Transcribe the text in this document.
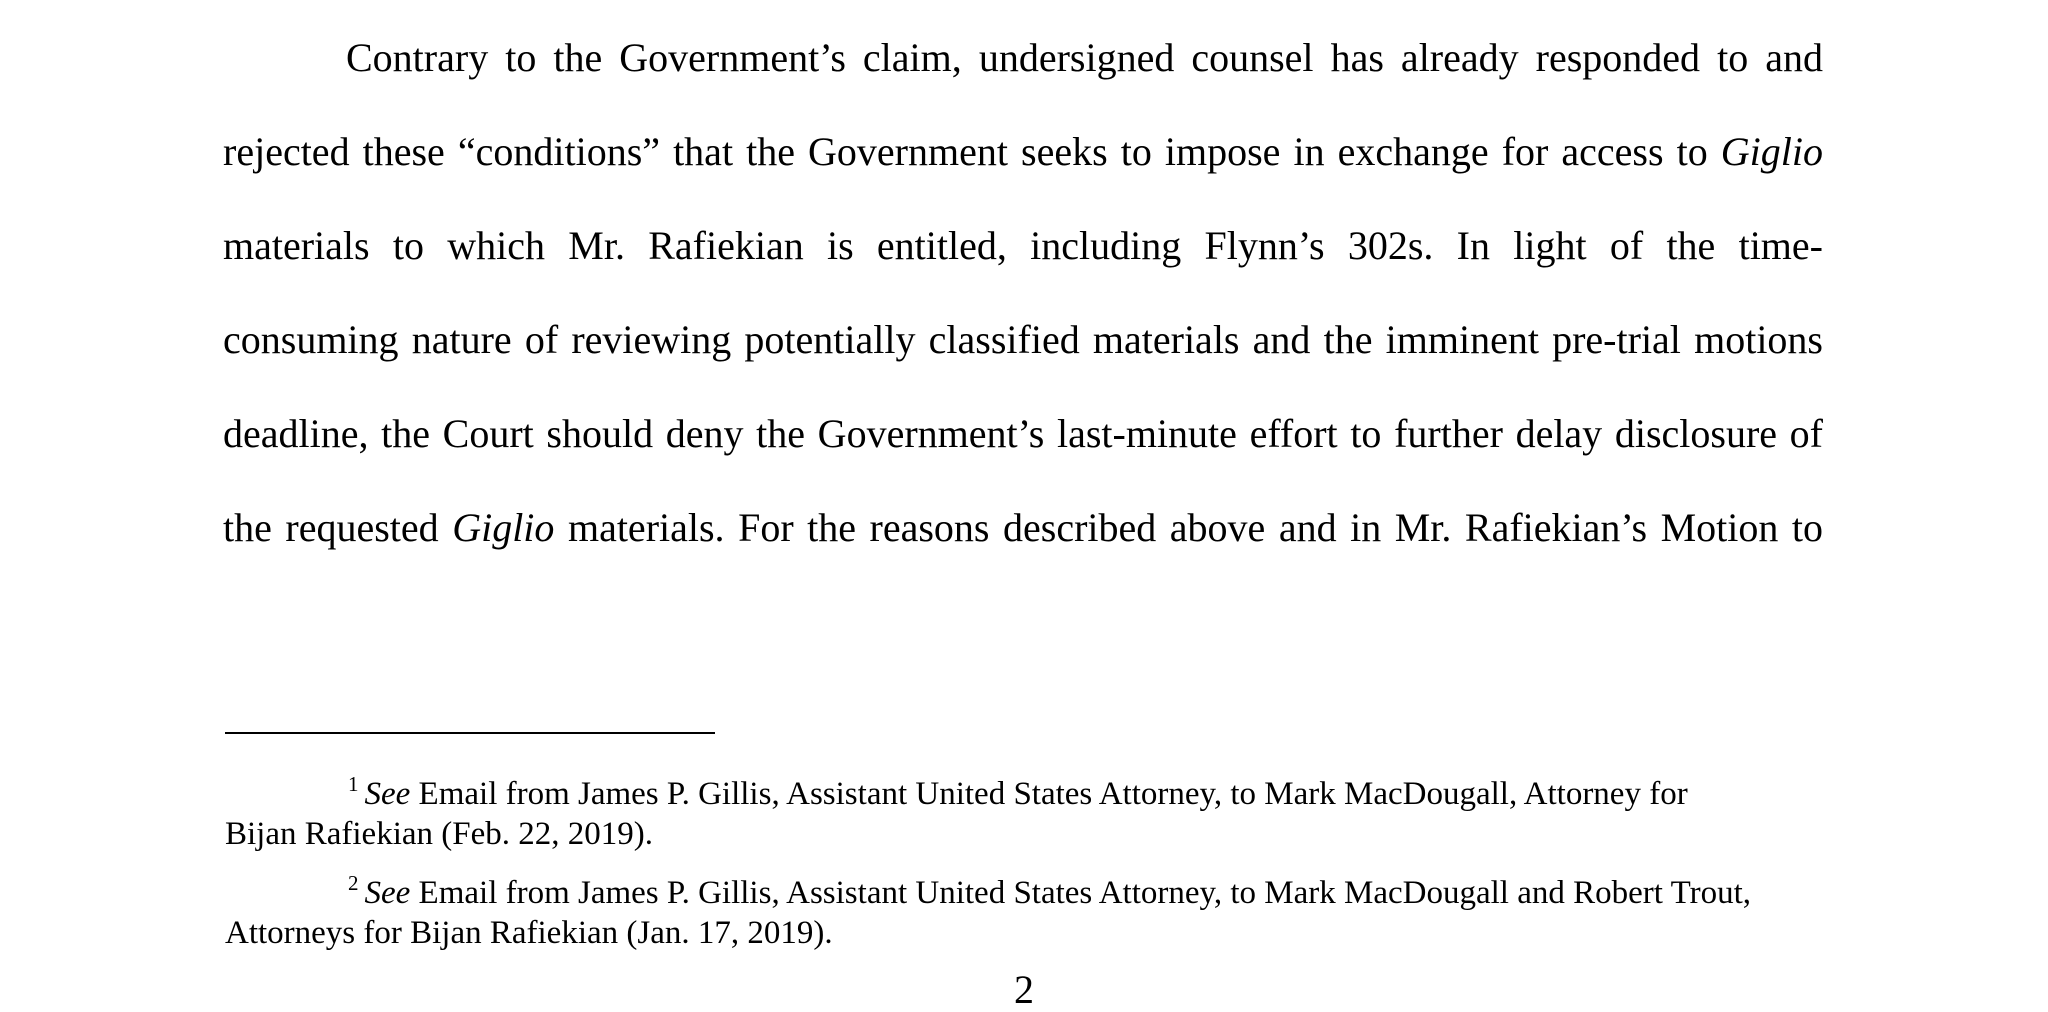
Contrary to the Government’s claim, undersigned counsel has already responded to and
rejected these “conditions” that the Government seeks to impose in exchange for access to Giglio
materials to which Mr. Rafiekian is entitled, including Flynn’s 302s. In light of the time-
consuming nature of reviewing potentially classified materials and the imminent pre-trial motions
deadline, the Court should deny the Government’s last-minute effort to further delay disclosure of
the requested Giglio materials. For the reasons described above and in Mr. Rafiekian’s Motion to
$^1$ See Email from James P. Gillis, Assistant United States Attorney, to Mark MacDougall, Attorney for
Bijan Rafiekian (Feb. 22, 2019).
$^2$ See Email from James P. Gillis, Assistant United States Attorney, to Mark MacDougall and Robert Trout,
Attorneys for Bijan Rafiekian (Jan. 17, 2019).
2
